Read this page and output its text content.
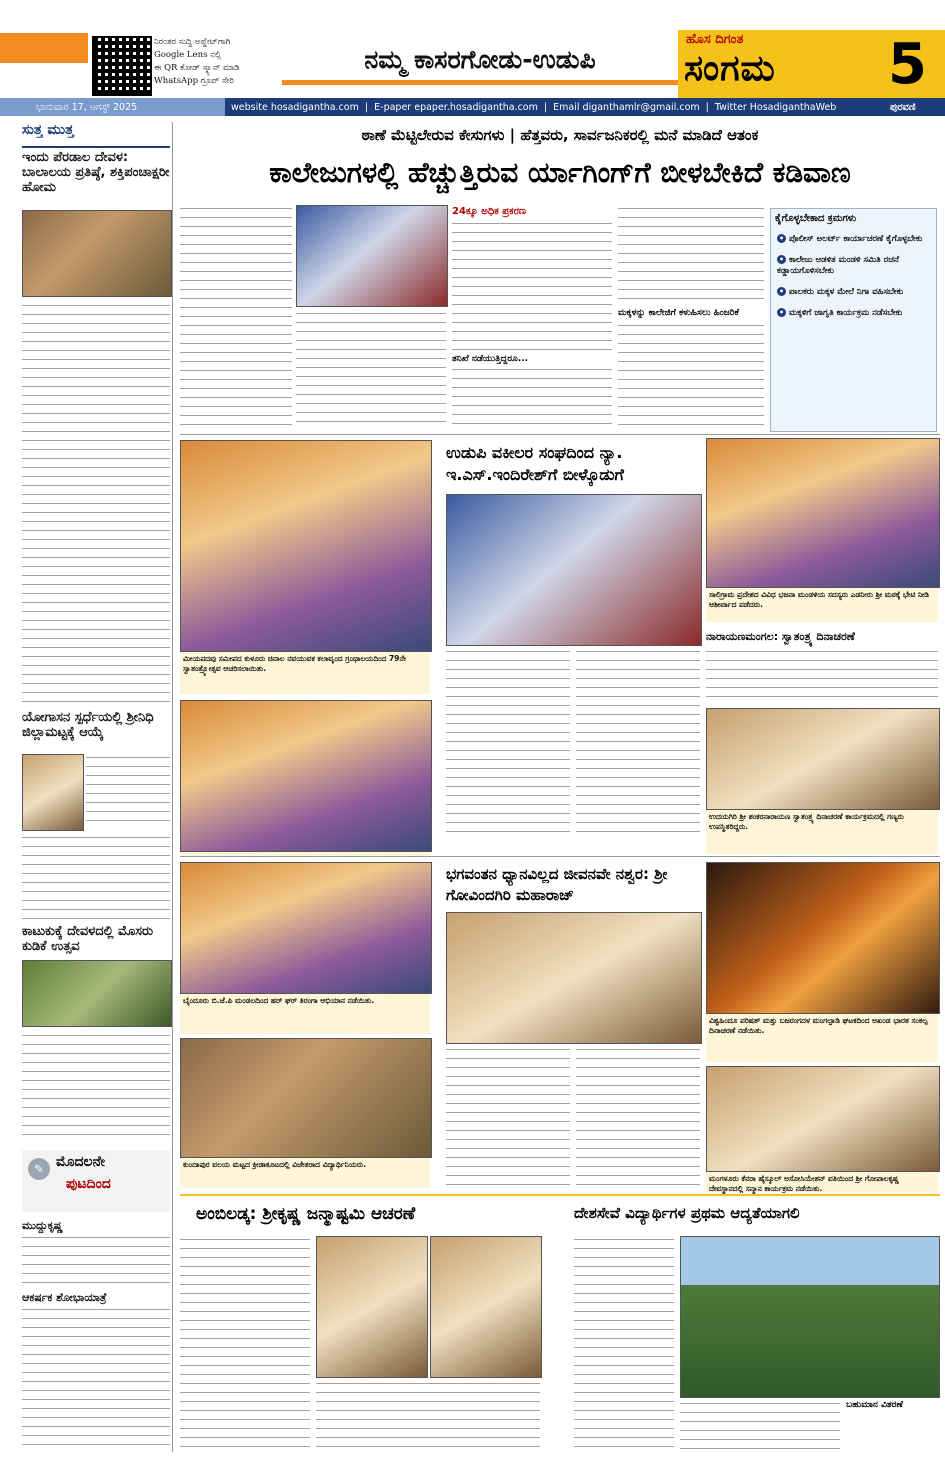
ನಿರಂತರ ಸುದ್ದಿ ಅಪ್ಡೇಟ್‌ಗಾಗಿ
Google Lens ನಲ್ಲಿ
ಈ QR ಕೋಡ್ ಸ್ಕ್ಯಾನ್ ಮಾಡಿ
WhatsApp ಗ್ರೂಪ್ ಸೇರಿ
ನಮ್ಮ ಕಾಸರಗೋಡು-ಉಡುಪಿ
ಹೊಸ ದಿಗಂತ
ಸಂಗಮ 5
ಭಾನುವಾರ 17, ಆಗಸ್ಟ್ 2025	website hosadigantha.com  |  E-paper epaper.hosadigantha.com  |  Email diganthamlr@gmail.com  |  Twitter HosadiganthaWeb	ಪುರವಣಿ
ಸುತ್ತ ಮುತ್ತ
ಇಂದು ಪೆರಡಾಲ ದೇವಳ: ಬಾಲಾಲಯ ಪ್ರತಿಷ್ಠೆ, ಶಕ್ತಿಪಂಚಾಕ್ಷರೀ ಹೋಮ
ಯೋಗಾಸನ ಸ್ಪರ್ಧೆಯಲ್ಲಿ ಶ್ರೀನಿಧಿ ಜಿಲ್ಲಾಮಟ್ಟಕ್ಕೆ ಆಯ್ಕೆ
ಕಾಟುಕುಕ್ಕೆ ದೇವಳದಲ್ಲಿ ಮೊಸರು ಕುಡಿಕೆ ಉತ್ಸವ
✎ ಮೊದಲನೇ
ಪುಟದಿಂದ
ಮುದ್ದುಕೃಷ್ಣ
ಆಕರ್ಷಕ ಶೋಭಾಯಾತ್ರೆ
ಠಾಣೆ ಮೆಟ್ಟಿಲೇರುವ ಕೇಸುಗಳು | ಹೆತ್ತವರು, ಸಾರ್ವಜನಿಕರಲ್ಲಿ ಮನೆ ಮಾಡಿದೆ ಆತಂಕ
ಕಾಲೇಜುಗಳಲ್ಲಿ ಹೆಚ್ಚುತ್ತಿರುವ ರ್ಯಾಗಿಂಗ್‌ಗೆ ಬೀಳಬೇಕಿದೆ ಕಡಿವಾಣ
24ಕ್ಕೂ ಅಧಿಕ ಪ್ರಕರಣ
ತನಿಖೆ ನಡೆಯುತ್ತಿದ್ದರೂ...
ಮಕ್ಕಳನ್ನು ಕಾಲೇಜಿಗೆ ಕಳುಹಿಸಲು ಹಿಂಜರಿಕೆ
ಕೈಗೊಳ್ಳಬೇಕಾದ ಕ್ರಮಗಳು
• ಪೊಲೀಸ್ ಅಲರ್ಟ್ ಕಾರ್ಯಾಚರಣೆ ಕೈಗೊಳ್ಳಬೇಕು
• ಕಾಲೇಜು ಆಡಳಿತ ಮಂಡಳಿ ಸಮಿತಿ ರಚನೆ ಕಡ್ಡಾಯಗೊಳಿಸಬೇಕು
• ಪಾಲಕರು ಮಕ್ಕಳ ಮೇಲೆ ನಿಗಾ ವಹಿಸಬೇಕು
• ಮಕ್ಕಳಿಗೆ ಜಾಗೃತಿ ಕಾರ್ಯಕ್ರಮ ನಡೆಸಬೇಕು
ಮೀಯಪದವು ಸಮೀಪದ ಕುಳೂರು ಚಿನಾಲ ನವಯುವಕ ಕಲಾವೃಂದ ಗ್ರಂಥಾಲಯದಿಂದ 79ನೇ ಸ್ವಾತಂತ್ರ್ಯೋತ್ಸವ ಆಚರಿಸಲಾಯಿತು.
ಉಡುಪಿ ವಕೀಲರ ಸಂಘದಿಂದ ನ್ಯಾ. ಇ.ಎಸ್.ಇಂದಿರೇಶ್‌ಗೆ ಬೀಳ್ಕೊಡುಗೆ
ಸಾಲಿಗ್ರಾಮ ಪ್ರದೇಶದ ವಿವಿಧ ಭಜನಾ ಮಂಡಳಿಯ ಸದಸ್ಯರು ಎಡನೀರು ಶ್ರೀ ಮಠಕ್ಕೆ ಭೇಟಿ ನೀಡಿ ಆಶೀರ್ವಾದ ಪಡೆದರು.
ನಾರಾಯಣಮಂಗಲ: ಸ್ವಾತಂತ್ರ್ಯ ದಿನಾಚರಣೆ
ಉದಯಗಿರಿ ಶ್ರೀ ಶಂಕರನಾರಾಯಣ ಸ್ವಾತಂತ್ರ್ಯ ದಿನಾಚರಣೆ ಕಾರ್ಯಕ್ರಮದಲ್ಲಿ ಗಣ್ಯರು ಉಪಸ್ಥಿತರಿದ್ದರು.
ಬೈಂದೂರು ಬಿ.ಜೆ.ಪಿ ಮಂಡಲದಿಂದ ಹರ್ ಘರ್ ತಿರಂಗಾ ಅಭಿಯಾನ ನಡೆಯಿತು.
ಕುಂದಾಪುರ ವಲಯ ಮಟ್ಟದ ಕ್ರೀಡಾಕೂಟದಲ್ಲಿ ವಿಜೇತರಾದ ವಿದ್ಯಾರ್ಥಿನಿಯರು.
ಭಗವಂತನ ಧ್ಯಾನವಿಲ್ಲದ ಜೀವನವೇ ನಶ್ವರ: ಶ್ರೀ ಗೋವಿಂದಗಿರಿ ಮಹಾರಾಜ್
ವಿಶ್ವಹಿಂದೂ ಪರಿಷತ್ ಮತ್ತು ಬಜರಂಗದಳ ಮಂಗಲ್ಪಾಡಿ ಘಟಕದಿಂದ ಅಖಂಡ ಭಾರತ ಸಂಕಲ್ಪ ದಿನಾಚರಣೆ ನಡೆಯಿತು.
ಮಂಗಳೂರು ಕೆನರಾ ಹೈಸ್ಕೂಲ್ ಅಸೋಸಿಯೇಶನ್ ವತಿಯಿಂದ ಶ್ರೀ ಗೋಪಾಲಕೃಷ್ಣ ದೇವಸ್ಥಾನದಲ್ಲಿ ಸನ್ಮಾನ ಕಾರ್ಯಕ್ರಮ ನಡೆಯಿತು.
ಅಂಬಿಲಡ್ಕ: ಶ್ರೀಕೃಷ್ಣ ಜನ್ಮಾಷ್ಟಮಿ ಆಚರಣೆ	ದೇಶಸೇವೆ ವಿದ್ಯಾರ್ಥಿಗಳ ಪ್ರಥಮ ಆದ್ಯತೆಯಾಗಲಿ
ಬಹುಮಾನ ವಿತರಣೆ
